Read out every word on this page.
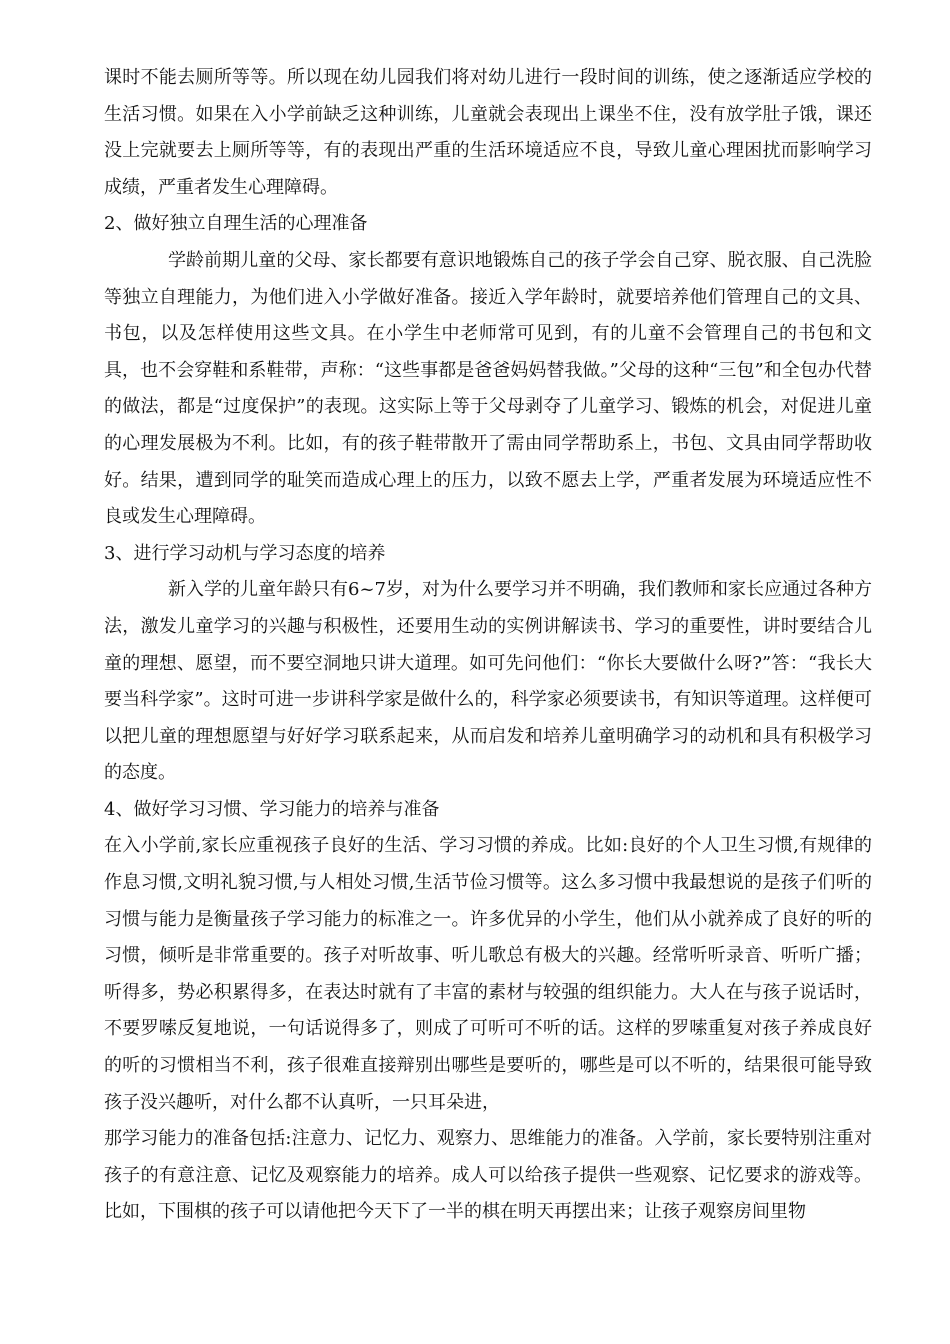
课时不能去厕所等等。所以现在幼儿园我们将对幼儿进行一段时间的训练，使之逐渐适应学校的生活习惯。如果在入小学前缺乏这种训练，儿童就会表现出上课坐不住，没有放学肚子饿，课还没上完就要去上厕所等等，有的表现出严重的生活环境适应不良，导致儿童心理困扰而影响学习成绩，严重者发生心理障碍。

2、做好独立自理生活的心理准备

学龄前期儿童的父母、家长都要有意识地锻炼自己的孩子学会自己穿、脱衣服、自己洗脸等独立自理能力，为他们进入小学做好准备。接近入学年龄时，就要培养他们管理自己的文具、书包，以及怎样使用这些文具。在小学生中老师常可见到，有的儿童不会管理自己的书包和文具，也不会穿鞋和系鞋带，声称：“这些事都是爸爸妈妈替我做。”父母的这种“三包”和全包办代替的做法，都是“过度保护”的表现。这实际上等于父母剥夺了儿童学习、锻炼的机会，对促进儿童的心理发展极为不利。比如，有的孩子鞋带散开了需由同学帮助系上，书包、文具由同学帮助收好。结果，遭到同学的耻笑而造成心理上的压力，以致不愿去上学，严重者发展为环境适应性不良或发生心理障碍。

3、进行学习动机与学习态度的培养

新入学的儿童年龄只有6~7岁，对为什么要学习并不明确，我们教师和家长应通过各种方法，激发儿童学习的兴趣与积极性，还要用生动的实例讲解读书、学习的重要性，讲时要结合儿童的理想、愿望，而不要空洞地只讲大道理。如可先问他们：“你长大要做什么呀?”答：“我长大要当科学家”。这时可进一步讲科学家是做什么的，科学家必须要读书，有知识等道理。这样便可以把儿童的理想愿望与好好学习联系起来，从而启发和培养儿童明确学习的动机和具有积极学习的态度。

4、做好学习习惯、学习能力的培养与准备

在入小学前,家长应重视孩子良好的生活、学习习惯的养成。比如:良好的个人卫生习惯,有规律的作息习惯,文明礼貌习惯,与人相处习惯,生活节俭习惯等。这么多习惯中我最想说的是孩子们听的习惯与能力是衡量孩子学习能力的标准之一。许多优异的小学生，他们从小就养成了良好的听的习惯，倾听是非常重要的。孩子对听故事、听儿歌总有极大的兴趣。经常听听录音、听听广播；听得多，势必积累得多，在表达时就有了丰富的素材与较强的组织能力。大人在与孩子说话时，不要罗嗦反复地说，一句话说得多了，则成了可听可不听的话。这样的罗嗦重复对孩子养成良好的听的习惯相当不利，孩子很难直接辩别出哪些是要听的，哪些是可以不听的，结果很可能导致孩子没兴趣听，对什么都不认真听，一只耳朵进，

那学习能力的准备包括:注意力、记忆力、观察力、思维能力的准备。入学前，家长要特别注重对孩子的有意注意、记忆及观察能力的培养。成人可以给孩子提供一些观察、记忆要求的游戏等。比如，下围棋的孩子可以请他把今天下了一半的棋在明天再摆出来；让孩子观察房间里物
